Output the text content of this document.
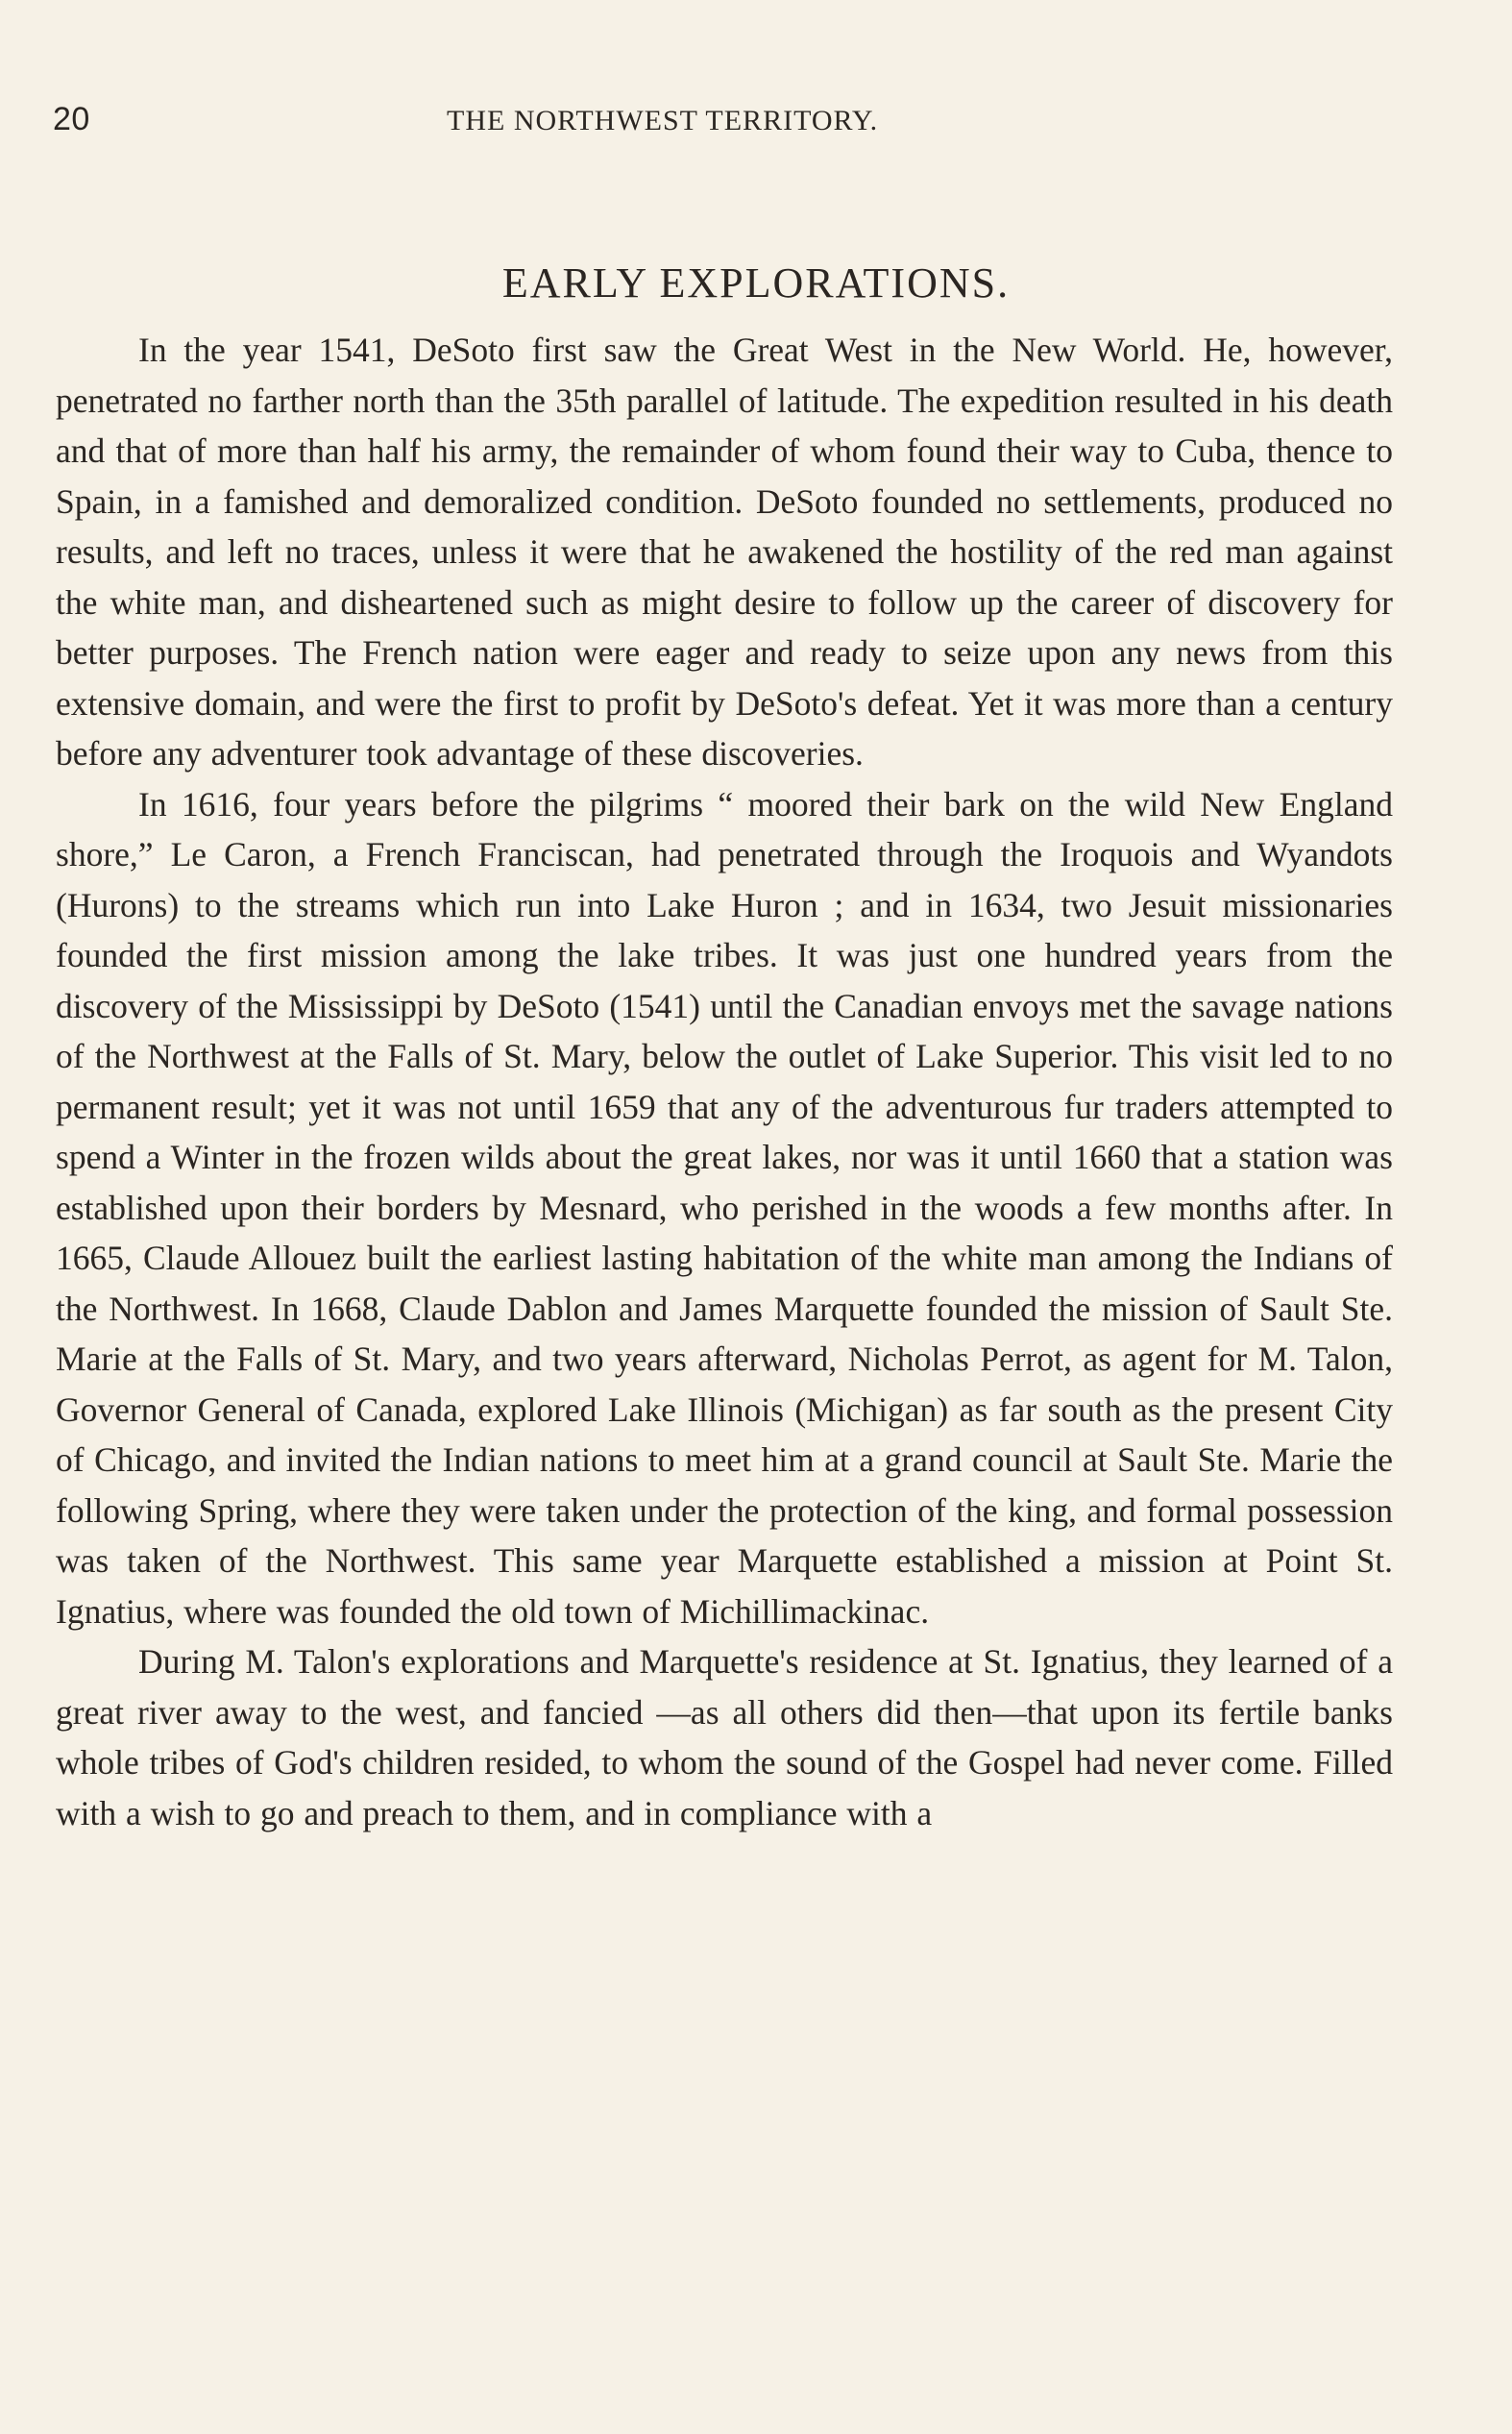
20	THE NORTHWEST TERRITORY.
EARLY EXPLORATIONS.

In the year 1541, DeSoto first saw the Great West in the New World. He, however, penetrated no farther north than the 35th parallel of latitude. The expedition resulted in his death and that of more than half his army, the remainder of whom found their way to Cuba, thence to Spain, in a famished and demoralized condition. DeSoto founded no settlements, produced no results, and left no traces, unless it were that he awakened the hostility of the red man against the white man, and disheartened such as might desire to follow up the career of discovery for better purposes. The French nation were eager and ready to seize upon any news from this extensive domain, and were the first to profit by DeSoto's defeat. Yet it was more than a century before any adventurer took advantage of these discoveries.

In 1616, four years before the pilgrims “ moored their bark on the wild New England shore,” Le Caron, a French Franciscan, had penetrated through the Iroquois and Wyandots (Hurons) to the streams which run into Lake Huron ; and in 1634, two Jesuit missionaries founded the first mission among the lake tribes. It was just one hundred years from the discovery of the Mississippi by DeSoto (1541) until the Canadian envoys met the savage nations of the Northwest at the Falls of St. Mary, below the outlet of Lake Superior. This visit led to no permanent result; yet it was not until 1659 that any of the adventurous fur traders attempted to spend a Winter in the frozen wilds about the great lakes, nor was it until 1660 that a station was established upon their borders by Mesnard, who perished in the woods a few months after. In 1665, Claude Allouez built the earliest lasting habitation of the white man among the Indians of the Northwest. In 1668, Claude Dablon and James Marquette founded the mission of Sault Ste. Marie at the Falls of St. Mary, and two years afterward, Nicholas Perrot, as agent for M. Talon, Governor General of Canada, explored Lake Illinois (Michigan) as far south as the present City of Chicago, and invited the Indian nations to meet him at a grand council at Sault Ste. Marie the following Spring, where they were taken under the protection of the king, and formal possession was taken of the Northwest. This same year Marquette established a mission at Point St. Ignatius, where was founded the old town of Michillimackinac.

During M. Talon's explorations and Marquette's residence at St. Ignatius, they learned of a great river away to the west, and fancied —as all others did then—that upon its fertile banks whole tribes of God's children resided, to whom the sound of the Gospel had never come. Filled with a wish to go and preach to them, and in compliance with a
